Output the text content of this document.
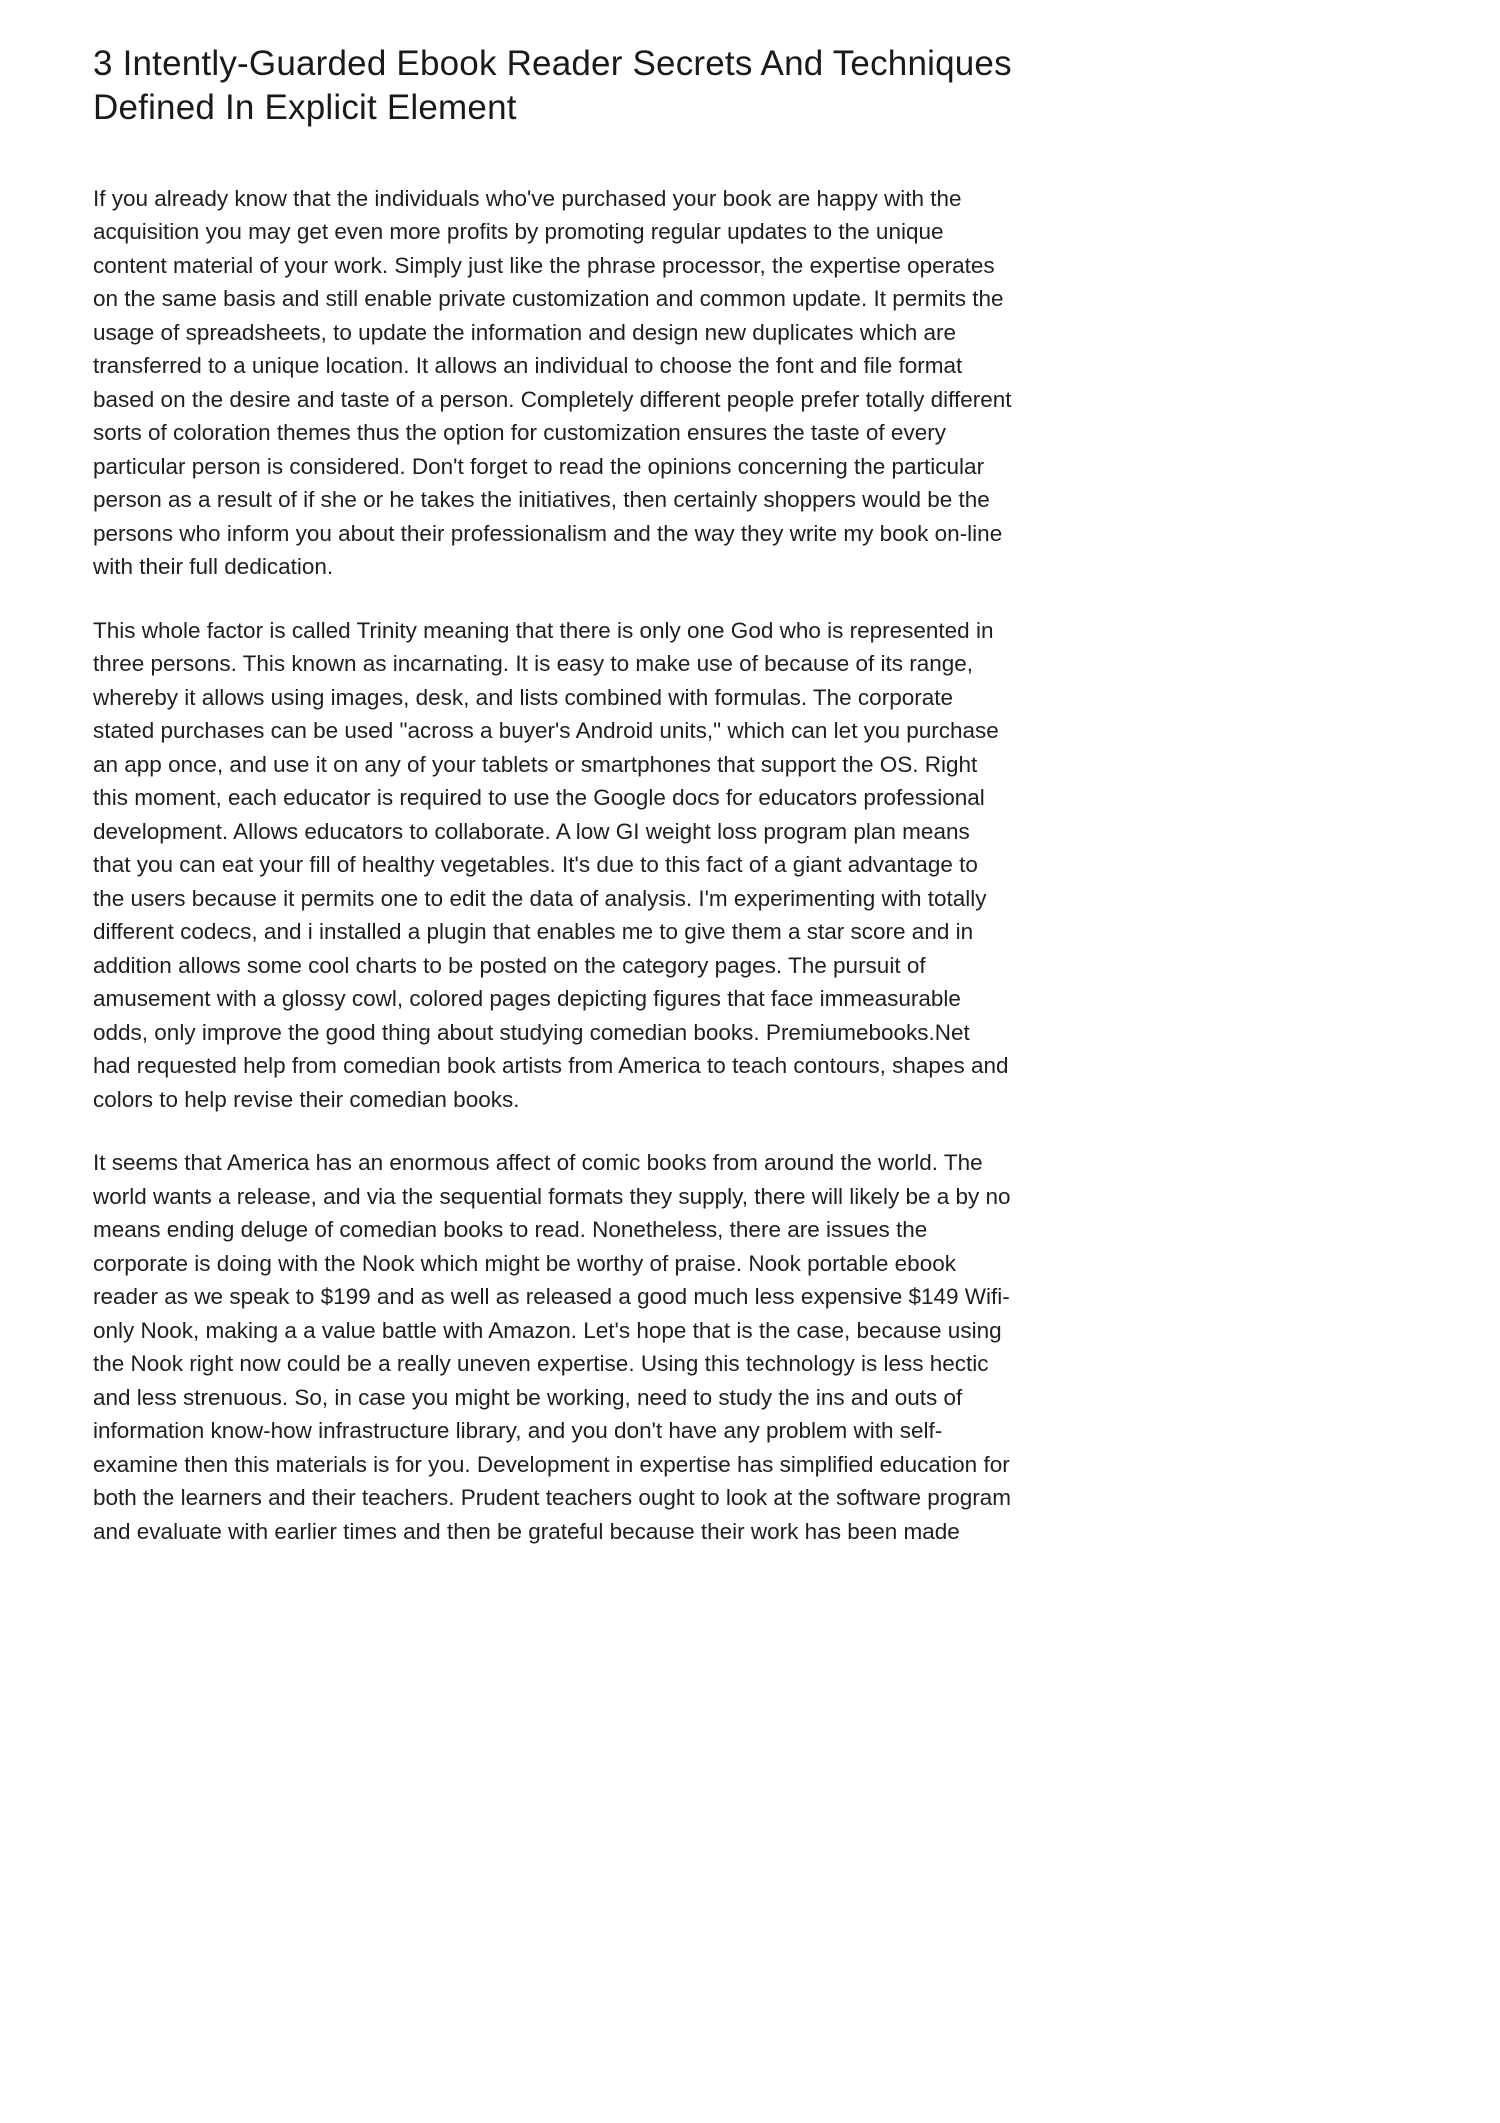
3 Intently-Guarded Ebook Reader Secrets And Techniques Defined In Explicit Element

If you already know that the individuals who've purchased your book are happy with the acquisition you may get even more profits by promoting regular updates to the unique content material of your work. Simply just like the phrase processor, the expertise operates on the same basis and still enable private customization and common update. It permits the usage of spreadsheets, to update the information and design new duplicates which are transferred to a unique location. It allows an individual to choose the font and file format based on the desire and taste of a person. Completely different people prefer totally different sorts of coloration themes thus the option for customization ensures the taste of every particular person is considered. Don't forget to read the opinions concerning the particular person as a result of if she or he takes the initiatives, then certainly shoppers would be the persons who inform you about their professionalism and the way they write my book on-line with their full dedication.

This whole factor is called Trinity meaning that there is only one God who is represented in three persons. This known as incarnating. It is easy to make use of because of its range, whereby it allows using images, desk, and lists combined with formulas. The corporate stated purchases can be used "across a buyer's Android units," which can let you purchase an app once, and use it on any of your tablets or smartphones that support the OS. Right this moment, each educator is required to use the Google docs for educators professional development. Allows educators to collaborate. A low GI weight loss program plan means that you can eat your fill of healthy vegetables. It's due to this fact of a giant advantage to the users because it permits one to edit the data of analysis. I'm experimenting with totally different codecs, and i installed a plugin that enables me to give them a star score and in addition allows some cool charts to be posted on the category pages. The pursuit of amusement with a glossy cowl, colored pages depicting figures that face immeasurable odds, only improve the good thing about studying comedian books. Premiumebooks.Net had requested help from comedian book artists from America to teach contours, shapes and colors to help revise their comedian books.

It seems that America has an enormous affect of comic books from around the world. The world wants a release, and via the sequential formats they supply, there will likely be a by no means ending deluge of comedian books to read. Nonetheless, there are issues the corporate is doing with the Nook which might be worthy of praise. Nook portable ebook reader as we speak to $199 and as well as released a good much less expensive $149 Wifi-only Nook, making a a value battle with Amazon. Let's hope that is the case, because using the Nook right now could be a really uneven expertise. Using this technology is less hectic and less strenuous. So, in case you might be working, need to study the ins and outs of information know-how infrastructure library, and you don't have any problem with self-examine then this materials is for you. Development in expertise has simplified education for both the learners and their teachers. Prudent teachers ought to look at the software program and evaluate with earlier times and then be grateful because their work has been made
